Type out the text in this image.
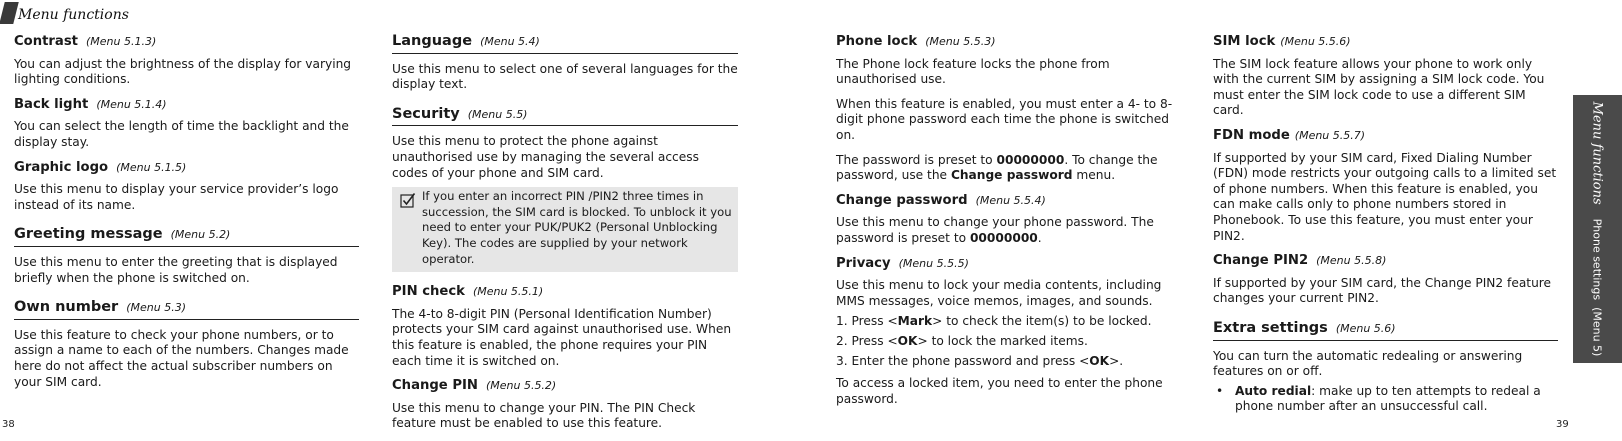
Menu functions
Contrast (Menu 5.1.3)

You can adjust the brightness of the display for varying lighting conditions.

Back light (Menu 5.1.4)

You can select the length of time the backlight and the display stay.

Graphic logo (Menu 5.1.5)

Use this menu to display your service provider’s logo instead of its name.

Greeting message (Menu 5.2)

Use this menu to enter the greeting that is displayed briefly when the phone is switched on.

Own number (Menu 5.3)

Use this feature to check your phone numbers, or to assign a name to each of the numbers. Changes made here do not affect the actual subscriber numbers on your SIM card.

Language (Menu 5.4)

Use this menu to select one of several languages for the display text.

Security (Menu 5.5)

Use this menu to protect the phone against unauthorised use by managing the several access codes of your phone and SIM card.

If you enter an incorrect PIN /PIN2 three times in succession, the SIM card is blocked. To unblock it you need to enter your PUK/PUK2 (Personal Unblocking Key). The codes are supplied by your network operator.
PIN check (Menu 5.5.1)

The 4-to 8-digit PIN (Personal Identification Number) protects your SIM card against unauthorised use. When this feature is enabled, the phone requires your PIN each time it is switched on.

Change PIN (Menu 5.5.2)

Use this menu to change your PIN. The PIN Check feature must be enabled to use this feature.

Phone lock (Menu 5.5.3)

The Phone lock feature locks the phone from unauthorised use.

When this feature is enabled, you must enter a 4- to 8-digit phone password each time the phone is switched on.

The password is preset to 00000000. To change the password, use the Change password menu.

Change password (Menu 5.5.4)

Use this menu to change your phone password. The password is preset to 00000000.

Privacy (Menu 5.5.5)

Use this menu to lock your media contents, including MMS messages, voice memos, images, and sounds.

1. Press <Mark> to check the item(s) to be locked.
2. Press <OK> to lock the marked items.
3. Enter the phone password and press <OK>.

To access a locked item, you need to enter the phone password.

SIM lock (Menu 5.5.6)

The SIM lock feature allows your phone to work only with the current SIM by assigning a SIM lock code. You must enter the SIM lock code to use a different SIM card.

FDN mode (Menu 5.5.7)

If supported by your SIM card, Fixed Dialing Number (FDN) mode restricts your outgoing calls to a limited set of phone numbers. When this feature is enabled, you can make calls only to phone numbers stored in Phonebook. To use this feature, you must enter your PIN2.

Change PIN2 (Menu 5.5.8)

If supported by your SIM card, the Change PIN2 feature changes your current PIN2.

Extra settings (Menu 5.6)

You can turn the automatic redealing or answering features on or off.

• Auto redial: make up to ten attempts to redeal a phone number after an unsuccessful call.
Menu functionsPhone settings  (Menu 5)
38	39
